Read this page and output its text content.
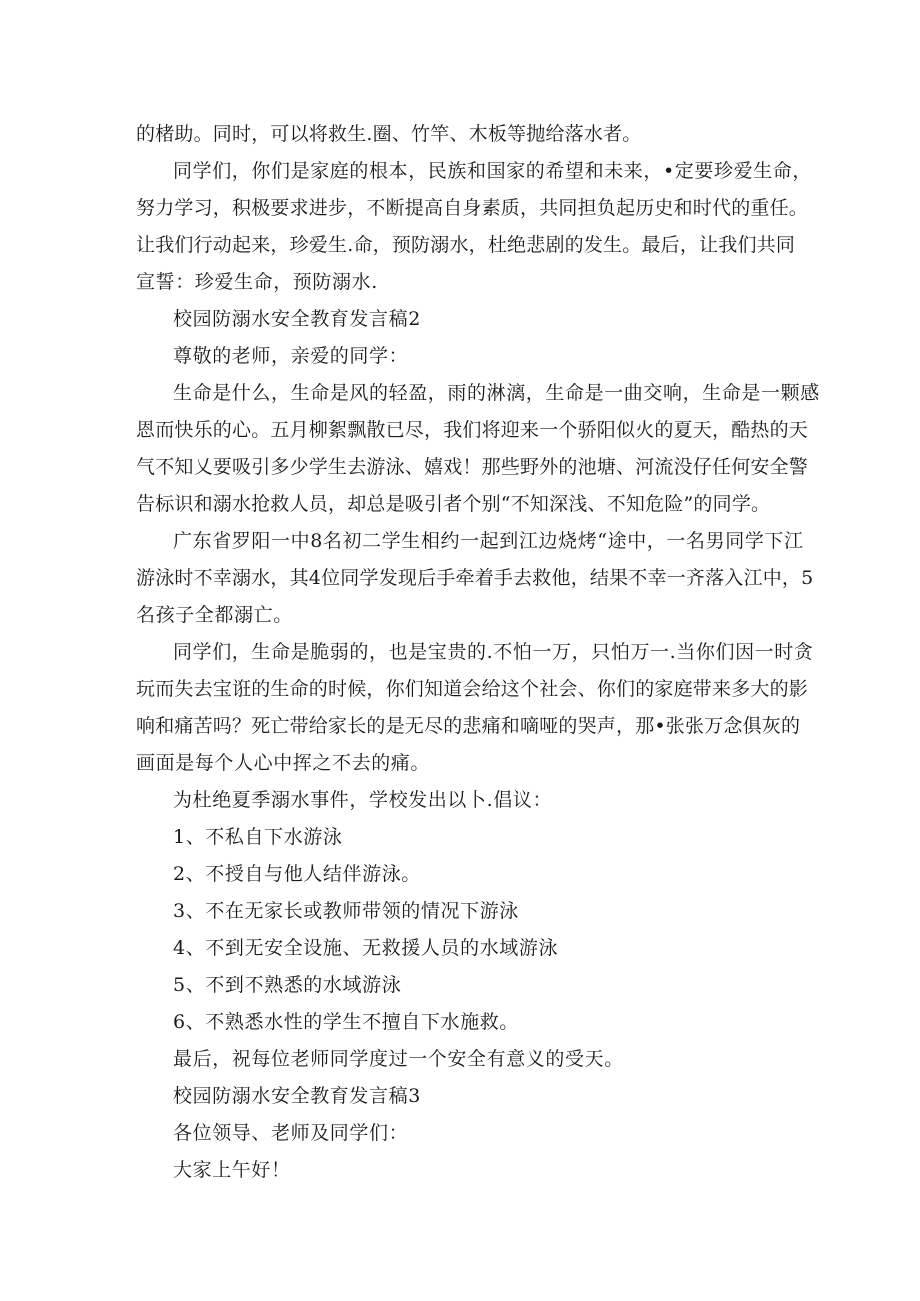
的楮助。同时，可以将救生.圈、竹竿、木板等抛给落水者。
同学们，你们是家庭的根本，民族和国家的希望和未来，•定要珍爱生命，
努力学习，积极要求进步，不断提高自身素质，共同担负起历史和时代的重任。
让我们行动起来，珍爱生.命，预防溺水，杜绝悲剧的发生。最后，让我们共同
宣誓：珍爱生命，预防溺水.
校园防溺水安全教育发言稿2
尊敬的老师，亲爱的同学：
生命是什么，生命是风的轻盈，雨的淋漓，生命是一曲交响，生命是一颗感
恩而快乐的心。五月柳絮飘散已尽，我们将迎来一个骄阳似火的夏天，酷热的天
气不知乂要吸引多少学生去游泳、嬉戏！那些野外的池塘、河流没仔任何安全警
告标识和溺水抢救人员，却总是吸引者个别“不知深浅、不知危险”的同学。
广东省罗阳一中8名初二学生相约一起到江边烧烤“途中，一名男同学下江
游泳时不幸溺水，其4位同学发现后手牵着手去救他，结果不幸一齐落入江中，5
名孩子全都溺亡。
同学们，生命是脆弱的，也是宝贵的.不怕一万，只怕万一.当你们因一时贪
玩而失去宝诳的生命的时候，你们知道会给这个社会、你们的家庭带来多大的影
响和痛苦吗？死亡带给家长的是无尽的悲痛和嘀哑的哭声，那•张张万念俱灰的
画面是每个人心中挥之不去的痛。
为杜绝夏季溺水事件，学校发出以卜.倡议：
1、不私自下水游泳
2、不授自与他人结伴游泳。
3、不在无家长或教师带领的情况下游泳
4、不到无安全设施、无救援人员的水域游泳
5、不到不熟悉的水域游泳
6、不熟悉水性的学生不擅自下水施救。
最后，祝每位老师同学度过一个安全有意义的受天。
校园防溺水安全教育发言稿3
各位领导、老师及同学们：
大家上午好！
